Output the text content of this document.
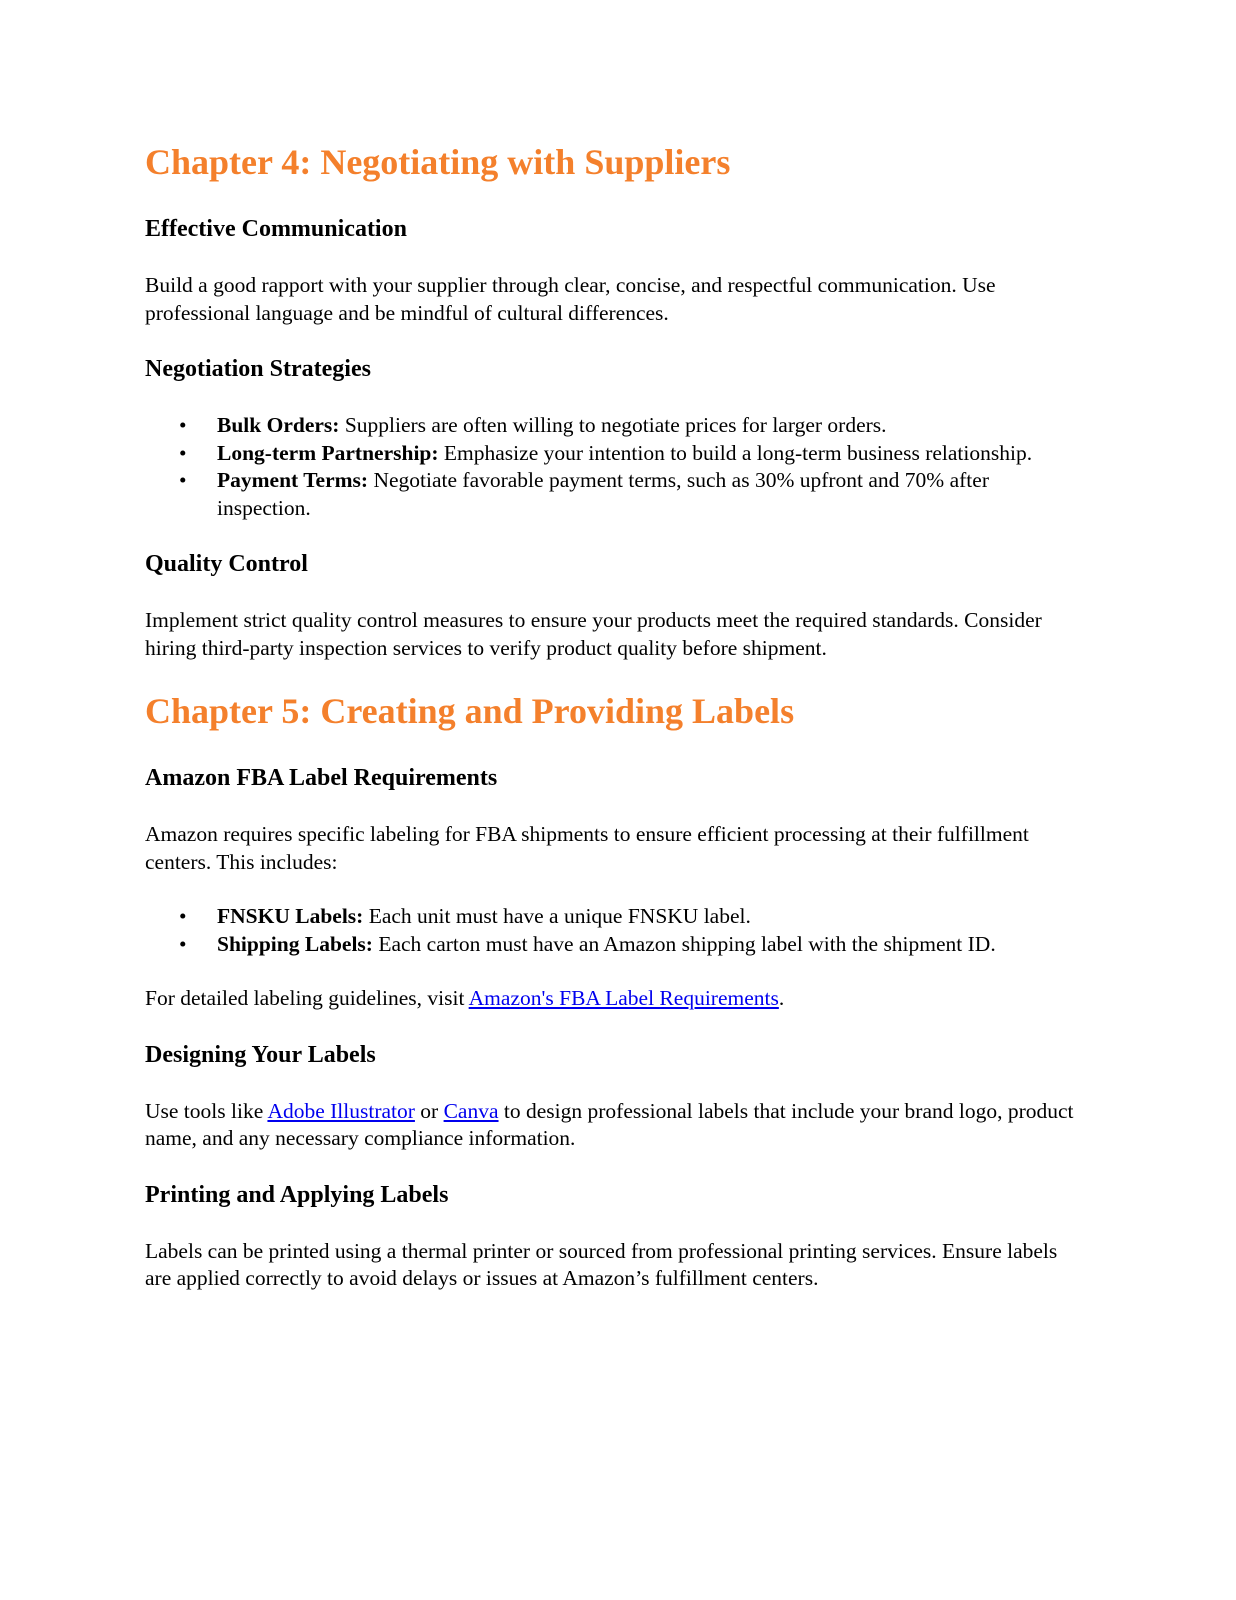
Chapter 4: Negotiating with Suppliers
Effective Communication

Build a good rapport with your supplier through clear, concise, and respectful communication. Use professional language and be mindful of cultural differences.

Negotiation Strategies
• Bulk Orders: Suppliers are often willing to negotiate prices for larger orders.
• Long-term Partnership: Emphasize your intention to build a long-term business relationship.
• Payment Terms: Negotiate favorable payment terms, such as 30% upfront and 70% after inspection.
Quality Control

Implement strict quality control measures to ensure your products meet the required standards. Consider hiring third-party inspection services to verify product quality before shipment.

Chapter 5: Creating and Providing Labels
Amazon FBA Label Requirements

Amazon requires specific labeling for FBA shipments to ensure efficient processing at their fulfillment centers. This includes:

• FNSKU Labels: Each unit must have a unique FNSKU label.
• Shipping Labels: Each carton must have an Amazon shipping label with the shipment ID.

For detailed labeling guidelines, visit Amazon's FBA Label Requirements.

Designing Your Labels

Use tools like Adobe Illustrator or Canva to design professional labels that include your brand logo, product name, and any necessary compliance information.

Printing and Applying Labels

Labels can be printed using a thermal printer or sourced from professional printing services. Ensure labels are applied correctly to avoid delays or issues at Amazon’s fulfillment centers.
